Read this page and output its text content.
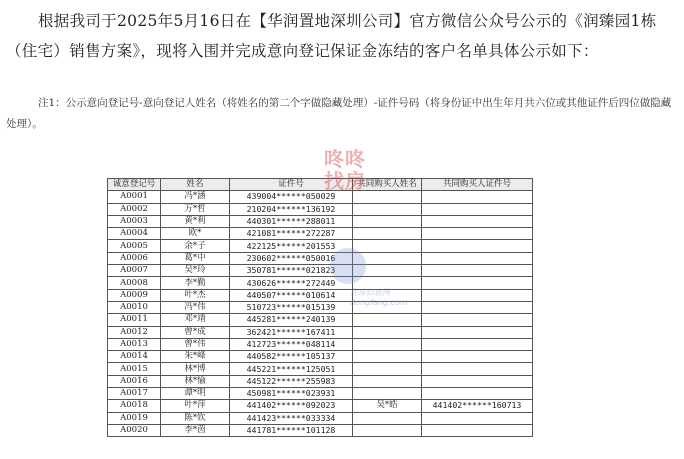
根据我司于2025年5月16日在【华润置地深圳公司】官方微信公众号公示的《润臻园1栋（住宅）销售方案》，现将入围并完成意向登记保证金冻结的客户名单具体公示如下：
注1：公示意向登记号-意向登记人姓名（将姓名的第二个字做隐藏处理）-证件号码（将身份证中出生年月共六位或其他证件后四位做隐藏处理）。
诚意登记号	姓名	证件号	共同购买人姓名	共同购买人证件号
A0001	冯*涵	439004******050029		
A0002	万*哲	210204******136192		
A0003	黄*利	440301******288011		
A0004	欧*	421081******272287		
A0005	余*子	422125******201553		
A0006	葛*中	230602******050016		
A0007	吴*玲	350781******021823		
A0008	李*勤	430626******272449		
A0009	叶*杰	440507******010614		
A0010	冯*伟	510723******015139		
A0011	邓*靖	445281******240139		
A0012	曾*成	362421******167411		
A0013	曾*伟	412723******048114		
A0014	朱*峰	440582******105137		
A0015	林*博	445221******125051		
A0016	林*愉	445122******255983		
A0017	谭*明	450981******023931		
A0018	叶*萍	441402******092023	吴*皓	441402******160713
A0019	陈*钦	441423******033334		
A0020	李*茵	441781******101128		
咚咚找房
住房信息网 dongfang.com
